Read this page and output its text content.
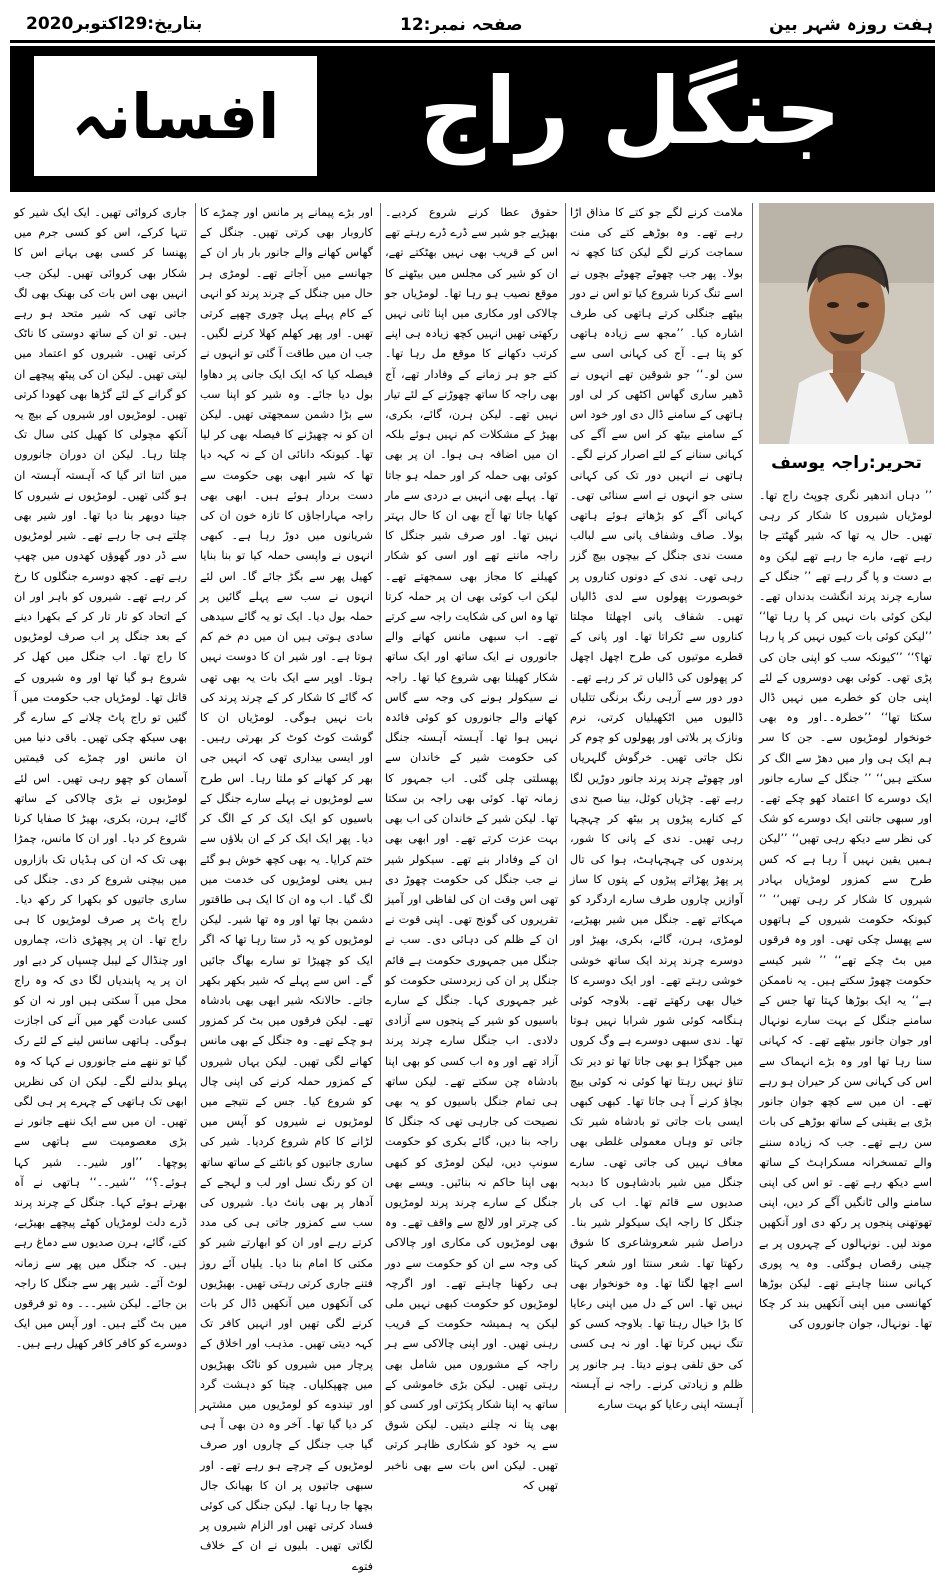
ہفت روزہ شہر بین
صفحہ نمبر:12
بتاریخ:29اکتوبر2020
افسانہ	جنگل راج
تحریر:راجہ یوسف

’’ دہاں اندھیر نگری چوپٹ راج تھا۔ لومڑیاں شیروں کا شکار کر رہی تھیں۔ حال یہ تھا کہ شیر گھٹتے جا رہے تھے، مارے جا رہے تھے لیکن وہ بے دست و پا گر رہے تھے ’’ جنگل کے سارے چرند پرند انگشت بدنداں تھے۔ لیکن کوئی بات نہیں کر پا رہا تھا‘‘ ’’لیکن کوئی بات کیوں نہیں کر پا رہا تھا؟‘‘ ’’کیونکہ سب کو اپنی جان کی پڑی تھی۔ کوئی بھی دوسروں کے لئے اپنی جان کو خطرے میں نہیں ڈال سکتا تھا‘‘ ’’خطرہ۔۔اور وہ بھی خونخوار لومڑیوں سے۔ جن کا سر ہم ایک ہی وار میں دھڑ سے الگ کر سکتے ہیں‘‘ ’’ جنگل کے سارے جانور ایک دوسرے کا اعتماد کھو چکے تھے۔ اور سبھی جانتی ایک دوسرے کو شک کی نظر سے دیکھ رہی تھیں‘‘ ’’لیکن ہمیں یقین نہیں آ رہا ہے کہ کس طرح سے کمزور لومڑیاں بہادر شیروں کا شکار کر رہی تھیں‘‘ ’’ کیونکہ حکومت شیروں کے ہاتھوں سے پھسل چکی تھی۔ اور وہ فرقوں میں بٹ چکے تھے‘‘ ’’ شیر کیسے حکومت چھوڑ سکتے ہیں۔ یہ ناممکن ہے‘‘ یہ ایک بوڑھا کہتا تھا جس کے سامنے جنگل کے بہت سارے نونہال اور جوان جانور بیٹھے تھے۔ کہ کہانی سنا رہا تھا اور وہ بڑے انہماک سے اس کی کہانی سن کر حیران ہو رہے تھے۔ ان میں سے کچھ جوان جانور بڑی بے یقینی کے ساتھ بوڑھے کی بات سن رہے تھے۔ جب کہ زیادہ سننے والے تمسخرانہ مسکراہٹ کے ساتھ اسے دیکھ رہے تھے۔ تو اس کی اپنی سامنے والی ٹانگیں آگے کر دیں، اپنی تھوتھنی پنجوں پر رکھ دی اور آنکھیں موند لیں۔ نونہالوں کے چہروں پر بے چینی رقصاں ہوگئی۔ وہ یہ پوری کہانی سننا چاہتے تھے۔ لیکن بوڑھا کھانسی میں اپنی آنکھیں بند کر چکا تھا۔ نونہال، جوان جانوروں کی

ملامت کرنے لگے جو کتے کا مذاق اڑا رہے تھے۔ وہ بوڑھے کتے کی منت سماجت کرنے لگے لیکن کتا کچھ نہ بولا۔ پھر جب چھوٹے چھوٹے بچوں نے اسے تنگ کرنا شروع کیا تو اس نے دور بیٹھے جنگلی کرتے ہاتھی کی طرف اشارہ کیا۔ ’’مجھ سے زیادہ ہاتھی کو پتا ہے۔ آج کی کہانی اسی سے سن لو۔‘‘ جو شوقین تھے انہوں نے ڈھیر ساری گھاس اکٹھی کر لی اور ہاتھی کے سامنے ڈال دی اور خود اس کے سامنے بیٹھ کر اس سے آگے کی کہانی سنانے کے لئے اصرار کرنے لگے۔ ہاتھی نے انہیں دور تک کی کہانی سنی جو انہوں نے اسے سنائی تھی۔ کہانی آگے کو بڑھاتے ہوئے ہاتھی بولا۔ صاف وشفاف پانی سے لبالب مست ندی جنگل کے بیچوں بیچ گزر رہی تھی۔ ندی کے دونوں کناروں پر خوبصورت پھولوں سے لدی ڈالیاں تھیں۔ شفاف پانی اچھلتا مچلتا کناروں سے ٹکراتا تھا۔ اور پانی کے قطرے موتیوں کی طرح اچھل اچھل کر پھولوں کی ڈالیاں تر کر رہے تھے۔ دور دور سے آرہی رنگ برنگی تتلیاں ڈالیوں میں اٹکھیلیاں کرتی، نرم ونازک پر بلاتی اور پھولوں کو چوم کر نکل جاتی تھیں۔ خرگوش گلہریاں اور چھوٹے چرند پرند جانور دوڑیں لگا رہے تھے۔ چڑیاں کوئل، بینا صبح ندی کے کنارے پیڑوں پر بیٹھ کر چہچہا رہی تھیں۔ ندی کے پانی کا شور، پرندوں کی چہچہاہٹ، ہوا کی تال پر پھڑ پھڑاتے پیڑوں کے پتوں کا ساز آوازیں چاروں طرف سارے اردگرد کو مہکاتے تھے۔ جنگل میں شیر بھیڑیے، لومڑی، ہرن، گائے، بکری، بھیڑ اور دوسرے چرند پرند ایک ساتھ خوشی خوشی رہتے تھے۔ اور ایک دوسرے کا خیال بھی رکھتے تھے۔ بلاوجہ کوئی ہنگامہ کوئی شور شرابا نہیں ہوتا تھا۔ ندی سبھی دوسرے ہے وگ کروں میں جھگڑا ہو بھی جاتا تھا تو دیر تک تناؤ نہیں رہتا تھا کوئی نہ کوئی بیچ بچاؤ کرنے آ ہی جاتا تھا۔ کبھی کبھی ایسی بات جاتی تو بادشاہ شیر تک جاتی تو وہاں معمولی غلطی بھی معاف نہیں کی جاتی تھی۔ سارے جنگل میں شیر بادشاہوں کا دبدبہ صدیوں سے قائم تھا۔ اب کی بار جنگل کا راجہ ایک سیکولر شیر بنا۔ دراصل شیر شعروشاعری کا شوق رکھتا تھا۔ شعر سنتا اور شعر کہتا اسے اچھا لگتا تھا۔ وہ خونخوار بھی نہیں تھا۔ اس کے دل میں اپنی رعایا کا بڑا خیال رہتا تھا۔ بلاوجہ کسی کو تنگ نہیں کرتا تھا۔ اور نہ ہی کسی کی حق تلفی ہونے دیتا۔ ہر جانور پر ظلم و زیادتی کرنے۔ راجہ نے آہستہ آہستہ اپنی رعایا کو بہت سارے

حقوق عطا کرنے شروع کردیے۔ بھیڑیے جو شیر سے ڈرے ڈرے رہتے تھے اس کے قریب بھی نہیں بھٹکتے تھے، ان کو شیر کی مجلس میں بیٹھنے کا موقع نصیب ہو رہا تھا۔ لومڑیاں جو چالاکی اور مکاری میں اپنا ثانی نہیں رکھتی تھیں انہیں کچھ زیادہ ہی اپنے کرتب دکھانے کا موقع مل رہا تھا۔ کتے جو ہر زمانے کے وفادار تھے، آج بھی راجہ کا ساتھ چھوڑنے کے لئے تیار نہیں تھے۔ لیکن ہرن، گائے، بکری، بھیڑ کے مشکلات کم نہیں ہوئے بلکہ ان میں اضافہ ہی ہوا۔ ان پر بھی کوئی بھی حملہ کر اور حملہ ہو جاتا تھا۔ پہلے بھی انہیں بے دردی سے مار کھایا جاتا تھا آج بھی ان کا حال بہتر نہیں تھا۔ اور صرف شیر جنگل کا راجہ ماننے تھے اور اسی کو شکار کھیلنے کا مجاز بھی سمجھتے تھے۔ لیکن اب کوئی بھی ان پر حملہ کرتا تھا وہ اس کی شکایت راجہ سے کرتے تھے۔ اب سبھی مانس کھانے والے جانوروں نے ایک ساتھ اور ایک ساتھ شکار کھیلنا بھی شروع کیا تھا۔ راجہ نے سیکولر ہونے کی وجہ سے گاس کھانے والے جانوروں کو کوئی فائدہ نہیں ہوا تھا۔ آہستہ آہستہ جنگل کی حکومت شیر کے خاندان سے پھسلتی چلی گئی۔ اب جمہور کا زمانہ تھا۔ کوئی بھی راجہ بن سکتا تھا۔ لیکن شیر کے خاندان کی اب بھی بہت عزت کرتے تھے۔ اور ابھی بھی ان کے وفادار بنے تھے۔ سیکولر شیر نے جب جنگل کی حکومت چھوڑ دی تھی اس وقت ان کی لفاظی اور آمیز تقریروں کی گونج تھی۔ اپنی قوت نے ان کے ظلم کی دہائی دی۔ سب نے جنگل میں جمہوری حکومت ہے قائم جنگل پر ان کی زبردستی حکومت کو غیر جمہوری کہا۔ جنگل کے سارے باسیوں کو شیر کے پنجوں سے آزادی دلادی۔ اب جنگل سارے چرند پرند آزاد تھے اور وہ اب کسی کو بھی اپنا بادشاہ چن سکتے تھے۔ لیکن ساتھ ہی تمام جنگل باسیوں کو یہ بھی نصیحت کی جارہی تھی کہ جنگل کا راجہ بنا دیں، گائے بکری کو حکومت سونپ دیں، لیکن لومڑی کو کبھی بھی اپنا حاکم نہ بنائیں۔ ویسے بھی جنگل کے سارے چرند پرند لومڑیوں کی چرتر اور لالچ سے واقف تھے۔ وہ بھی لومڑیوں کی مکاری اور چالاکی کی وجہ سے ان کو حکومت سے دور ہی رکھنا چاہتے تھے۔ اور اگرچہ لومڑیوں کو حکومت کبھی نہیں ملی لیکن یہ ہمیشہ حکومت کے قریب رہنی تھیں۔ اور اپنی چالاکی سے ہر راجہ کے مشوروں میں شامل بھی رہتی تھیں۔ لیکن بڑی خاموشی کے ساتھ یہ اپنا شکار پکڑتی اور کسی کو بھی پتا نہ چلنے دیتیں۔ لیکن شوق سے یہ خود کو شکاری ظاہر کرتی تھیں۔ لیکن اس بات سے بھی ناخبر تھیں کہ

اور بڑے پیمانے پر مانس اور چمڑے کا کاروبار بھی کرتی تھیں۔ جنگل کے گھاس کھانے والے جانور بار بار ان کے جھانسے میں آجاتے تھے۔ لومڑی ہر حال میں جنگل کے چرند پرند کو انہی کے کام پہلے پہل چوری چھپے کرتی تھیں۔ اور پھر کھلم کھلا کرنے لگیں۔ جب ان میں طاقت آ گئی تو انہوں نے فیصلہ کیا کہ ایک ایک جانی پر دھاوا بول دیا جائے۔ وہ شیر کو اپنا سب سے بڑا دشمن سمجھتی تھیں۔ لیکن ان کو نہ چھیڑنے کا فیصلہ بھی کر لیا تھا۔ کیونکہ دانائی ان کے نہ کہہ دیا تھا کہ شیر ابھی بھی حکومت سے دست بردار ہوئے ہیں۔ ابھی بھی راجہ مہاراجاؤں کا تازہ خون ان کی شریانوں میں دوڑ رہا ہے۔ کبھی انہوں نے واپسی حملہ کیا تو بنا بنایا کھیل پھر سے بگڑ جائے گا۔ اس لئے انہوں نے سب سے پہلے گائیں پر حملہ بول دیا۔ ایک تو یہ گائے سیدھی سادی ہوتی ہیں ان میں دم خم کم ہوتا ہے۔ اور شیر ان کا دوست نہیں ہوتا۔ اوپر سے ایک بات یہ بھی تھی کہ گائے کا شکار کر کے چرند پرند کی بات نہیں ہوگی۔ لومڑیاں ان کا گوشت کوٹ کوٹ کر بھرتی رہیں۔ اور ایسی بیداری تھی کہ انہیں جی بھر کر کھانے کو ملتا رہا۔ اس طرح سے لومڑیوں نے پہلے سارے جنگل کے باسیوں کو ایک ایک کر کے الگ کر دیا۔ پھر ایک ایک کر کے ان بلاؤں سے ختم کرایا۔ یہ بھی کچھ خوش ہو گئے ہیں یعنی لومڑیوں کی خدمت میں لگ گیا۔ اب وہ ان کا ایک ہی طاقتور دشمن بچا تھا اور وہ تھا شیر۔ لیکن لومڑیوں کو یہ ڈر ستا رہا تھا کہ اگر ایک کو چھیڑا تو سارے بھاگ جائیں گے۔ اس سے پہلے کہ شیر بکھر بکھر جاتے۔ حالانکہ شیر ابھی بھی بادشاہ تھے۔ لیکن فرقوں میں بٹ کر کمزور ہو چکے تھے۔ وہ جنگل کے بھی مانس کھانے لگی تھیں۔ لیکن یہاں شیروں کے کمزور حملہ کرنے کی اپنی چال کو شروع کیا۔ جس کے نتیجے میں لومڑیوں نے شیروں کو آپس میں لڑانے کا کام شروع کردیا۔ شیر کی ساری جاتیوں کو بانٹنے کے ساتھ ساتھ ان کو رنگ نسل اور لب و لہجے کے آدھار پر بھی بانٹ دیا۔ شیروں کی سب سے کمزور جاتی ہی کی مدد کرتے رہے اور ان کو ابھارتے شیر کو مکتی کا امام بنا دیا۔ یلیاں آئے روز فتنے جاری کرتی رہتی تھیں۔ بھیڑیوں کی آنکھوں میں آنکھیں ڈال کر بات کرنے لگی تھیں اور انہیں کافر تک کہہ دیتی تھیں۔ مذہب اور اخلاق کے پرچار میں شیروں کو ناٹک بھیڑیوں میں چھپکلیاں۔ چیتا کو دہشت گرد اور تیندوے کو لومڑیوں میں مشتہر کر دیا گیا تھا۔ آخر وہ دن بھی آ ہی گیا جب جنگل کے چاروں اور صرف لومڑیوں کے چرچے ہو رہے تھے۔ اور سبھی جاتیوں پر ان کا بھیانک جال بچھا جا رہا تھا۔ لیکن جنگل کی کوئی فساد کرتی تھیں اور الزام شیروں پر لگاتی تھیں۔ بلیوں نے ان کے خلاف فتوے

جاری کروائی تھیں۔ ایک ایک شیر کو تنہا کرکے، اس کو کسی جرم میں پھنسا کر کسی بھی بہانے اس کا شکار بھی کروائی تھیں۔ لیکن جب انہیں بھی اس بات کی بھنک بھی لگ جاتی تھی کہ شیر متحد ہو رہے ہیں۔ تو ان کے ساتھ دوستی کا ناٹک کرتی تھیں۔ شیروں کو اعتماد میں لیتی تھیں۔ لیکن ان کی پیٹھ پیچھے ان کو گرانے کے لئے گڑھا بھی کھودا کرتی تھیں۔ لومڑیوں اور شیروں کے بیچ یہ آنکھ مچولی کا کھیل کئی سال تک چلتا رہا۔ لیکن ان دوران جانوروں میں اتنا اتر گیا کہ آہستہ آہستہ ان ہو گئی تھیں۔ لومڑیوں نے شیروں کا جینا دوبھر بنا دیا تھا۔ اور شیر بھی چلتے ہی جا رہے تھے۔ شیر لومڑیوں سے ڈر دور گھوؤں کھدوں میں چھپ رہے تھے۔ کچھ دوسرے جنگلوں کا رخ کر رہے تھے۔ شیروں کو باہر اور ان کے اتحاد کو تار تار کر کے بکھرا دینے کے بعد جنگل پر اب صرف لومڑیوں کا راج تھا۔ اب جنگل میں کھل کر شروع ہو گیا تھا اور وہ شیروں کے قاتل تھا۔ لومڑیاں جب حکومت میں آ گئیں تو راج پاٹ چلانے کے سارے گر بھی سیکھ چکی تھیں۔ باقی دنیا میں ان مانس اور چمڑے کی قیمتیں آسمان کو چھو رہی تھیں۔ اس لئے لومڑیوں نے بڑی چالاکی کے ساتھ گائے، ہرن، بکری، بھیڑ کا صفایا کرنا شروع کر دیا۔ اور ان کا مانس، چمڑا بھی تک کہ ان کی ہڈیاں تک بازاروں میں بیچنی شروع کر دی۔ جنگل کی ساری جاتیوں کو بکھرا کر رکھ دیا۔ راج پاٹ پر صرف لومڑیوں کا ہی راج تھا۔ ان پر پچھڑی ذات، چماروں اور چنڈال کے لیبل چسپاں کر دیے اور ان پر یہ پابندیاں لگا دی کہ وہ راج محل میں آ سکتی ہیں اور نہ ان کو کسی عبادت گھر میں آنے کی اجازت ہوگی۔ ہاتھی سانس لینے کے لئے رک گیا تو ننھے منے جانوروں نے کہا کہ وہ پہلو بدلنے لگے۔ لیکن ان کی نظریں ابھی تک ہاتھی کے چہرے پر ہی لگی تھیں۔ ان میں سے ایک ننھے جانور نے بڑی معصومیت سے ہاتھی سے پوچھا۔ ’’اور شیر۔۔ شیر کہا ہوئے۔؟‘‘ ’’شیر۔۔‘‘ ہاتھی نے آہ بھرتے ہوئے کہا۔ جنگل کے چرند پرند ڈرے دلت لومڑیاں کھٹے پیچھے بھیڑیے، کتے، گائے، ہرن صدیوں سے دماغ رہے ہیں۔ کہ جنگل میں پھر سے زمانہ لوٹ آئے۔ شیر پھر سے جنگل کا راجہ بن جائے۔ لیکن شیر۔۔۔ وہ تو فرقوں میں بٹ گئے ہیں۔ اور آپس میں ایک دوسرے کو کافر کافر کھیل رہے ہیں۔
